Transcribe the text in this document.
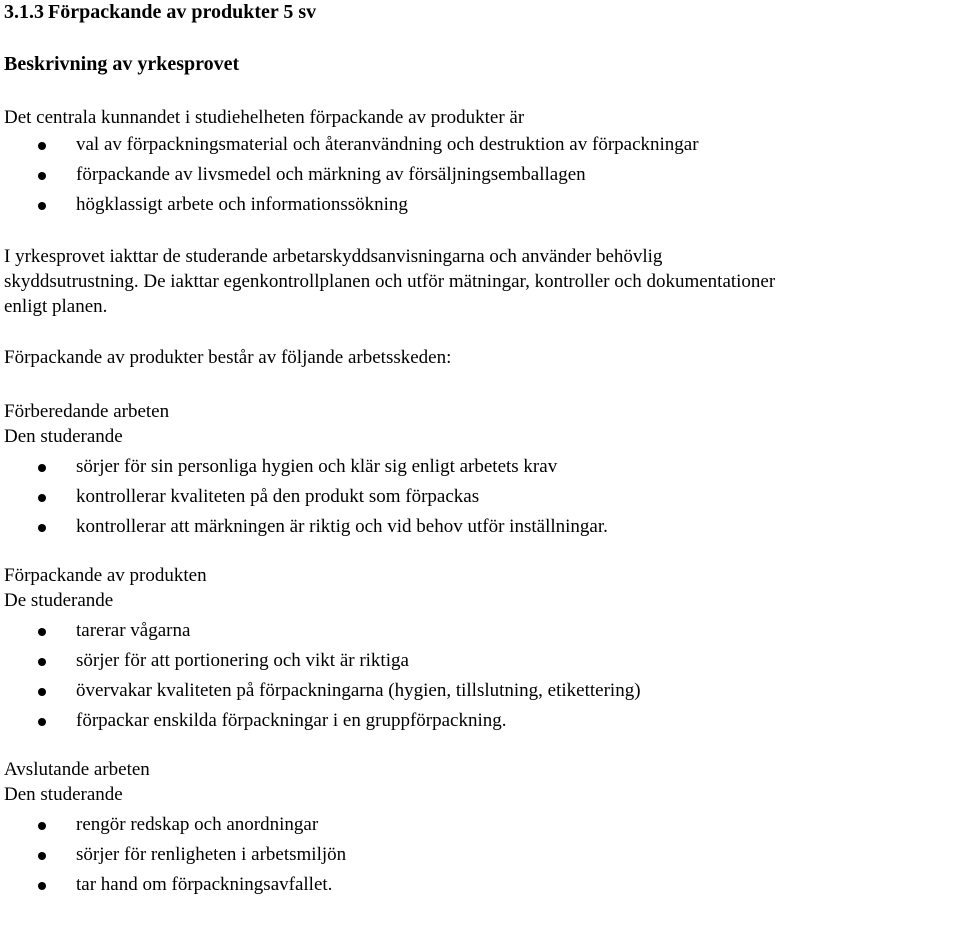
3.1.3 Förpackande av produkter 5 sv
Beskrivning av yrkesprovet

Det centrala kunnandet i studiehelheten förpackande av produkter är

val av förpackningsmaterial och återanvändning och destruktion av förpackningar
förpackande av livsmedel och märkning av försäljningsemballagen
högklassigt arbete och informationssökning

I yrkesprovet iakttar de studerande arbetarskyddsanvisningarna och använder behövlig

skyddsutrustning. De iakttar egenkontrollplanen och utför mätningar, kontroller och dokumentationer

enligt planen.

Förpackande av produkter består av följande arbetsskeden:

Förberedande arbeten

Den studerande

sörjer för sin personliga hygien och klär sig enligt arbetets krav
kontrollerar kvaliteten på den produkt som förpackas
kontrollerar att märkningen är riktig och vid behov utför inställningar.

Förpackande av produkten

De studerande

tarerar vågarna
sörjer för att portionering och vikt är riktiga
övervakar kvaliteten på förpackningarna (hygien, tillslutning, etikettering)
förpackar enskilda förpackningar i en gruppförpackning.

Avslutande arbeten

Den studerande

rengör redskap och anordningar
sörjer för renligheten i arbetsmiljön
tar hand om förpackningsavfallet.
